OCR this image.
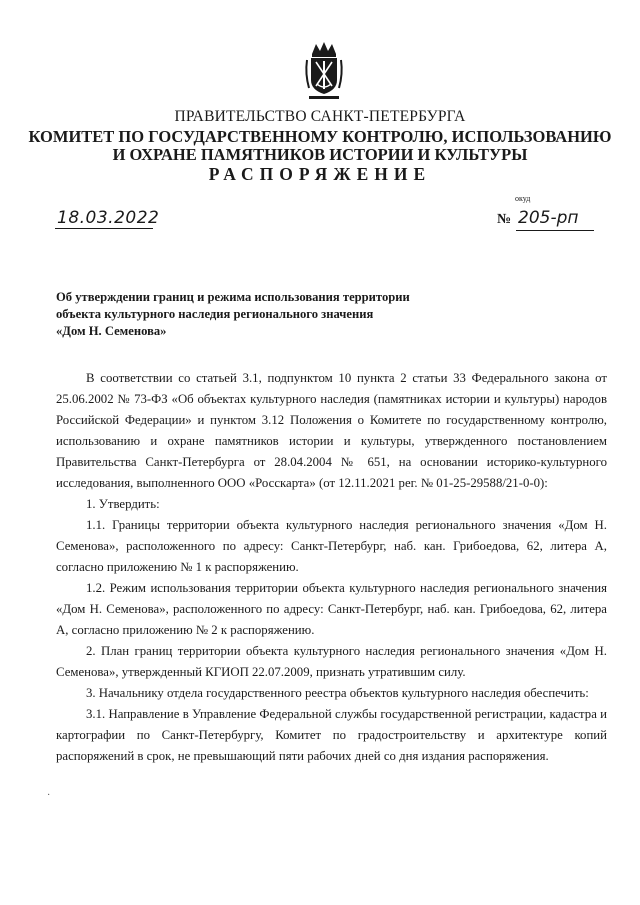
ПРАВИТЕЛЬСТВО САНКТ-ПЕТЕРБУРГА
КОМИТЕТ ПО ГОСУДАРСТВЕННОМУ КОНТРОЛЮ, ИСПОЛЬЗОВАНИЮ
И ОХРАНЕ ПАМЯТНИКОВ ИСТОРИИ И КУЛЬТУРЫ
РАСПОРЯЖЕНИЕ
окуд
18.03.2022	№ 205-рп
Об утверждении границ и режима использования территории
объекта культурного наследия регионального значения
«Дом Н. Семенова»

В соответствии со статьей 3.1, подпунктом 10 пункта 2 статьи 33 Федерального закона от 25.06.2002 № 73-ФЗ «Об объектах культурного наследия (памятниках истории и культуры) народов Российской Федерации» и пунктом 3.12 Положения о Комитете по государственному контролю, использованию и охране памятников истории и культуры, утвержденного постановлением Правительства Санкт-Петербурга от 28.04.2004 № 651, на основании историко-культурного исследования, выполненного ООО «Росскарта» (от 12.11.2021 рег. № 01-25-29588/21-0-0):

1. Утвердить:

1.1. Границы территории объекта культурного наследия регионального значения «Дом Н. Семенова», расположенного по адресу: Санкт-Петербург, наб. кан. Грибоедова, 62, литера А, согласно приложению № 1 к распоряжению.

1.2. Режим использования территории объекта культурного наследия регионального значения «Дом Н. Семенова», расположенного по адресу: Санкт-Петербург, наб. кан. Грибоедова, 62, литера А, согласно приложению № 2 к распоряжению.

2. План границ территории объекта культурного наследия регионального значения «Дом Н. Семенова», утвержденный КГИОП 22.07.2009, признать утратившим силу.

3. Начальнику отдела государственного реестра объектов культурного наследия обеспечить:

3.1. Направление в Управление Федеральной службы государственной регистрации, кадастра и картографии по Санкт-Петербургу, Комитет по градостроительству и архитектуре копий распоряжений в срок, не превышающий пяти рабочих дней со дня издания распоряжения.

·
